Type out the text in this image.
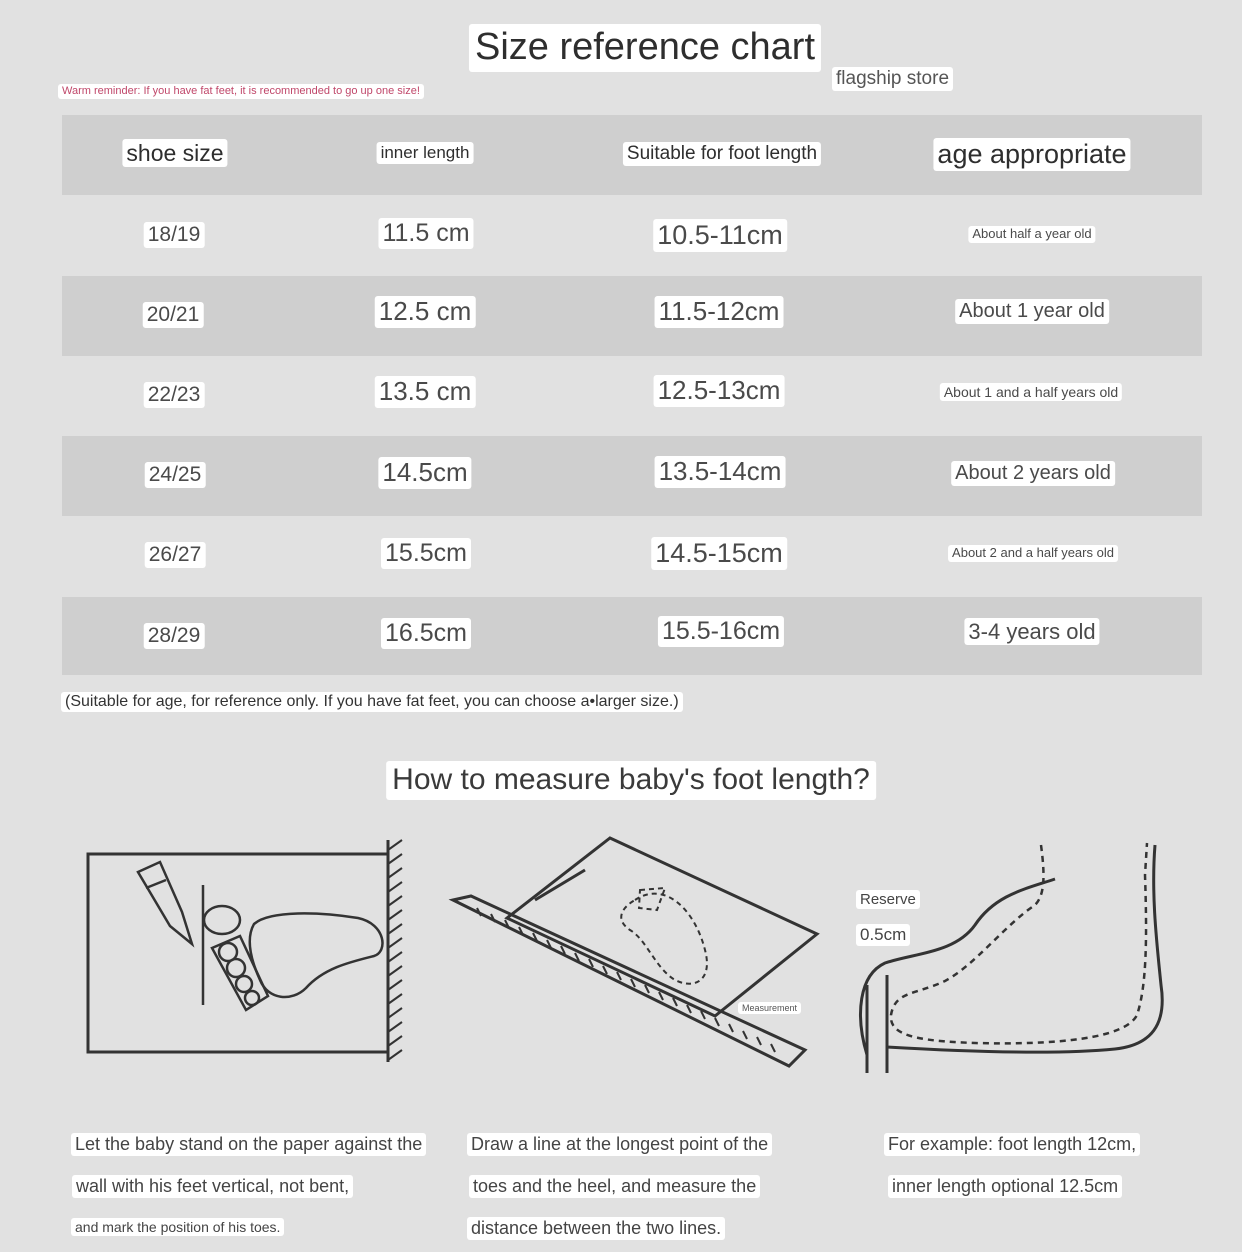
Size reference chart
flagship store
Warm reminder: If you have fat feet, it is recommended to go up one size!
shoe size	inner length	Suitable for foot length	age appropriate
18/19	11.5 cm	10.5-11cm	About half a year old
20/21	12.5 cm	11.5-12cm	About 1 year old
22/23	13.5 cm	12.5-13cm	About 1 and a half years old
24/25	14.5cm	13.5-14cm	About 2 years old
26/27	15.5cm	14.5-15cm	About 2 and a half years old
28/29	16.5cm	15.5-16cm	3-4 years old
(Suitable for age, for reference only. If you have fat feet, you can choose a•larger size.)
How to measure baby's foot length?
Measurement
Reserve
0.5cm
Let the baby stand on the paper against the
wall with his feet vertical, not bent,
and mark the position of his toes.
Draw a line at the longest point of the
toes and the heel, and measure the
distance between the two lines.
For example: foot length 12cm,
inner length optional 12.5cm
